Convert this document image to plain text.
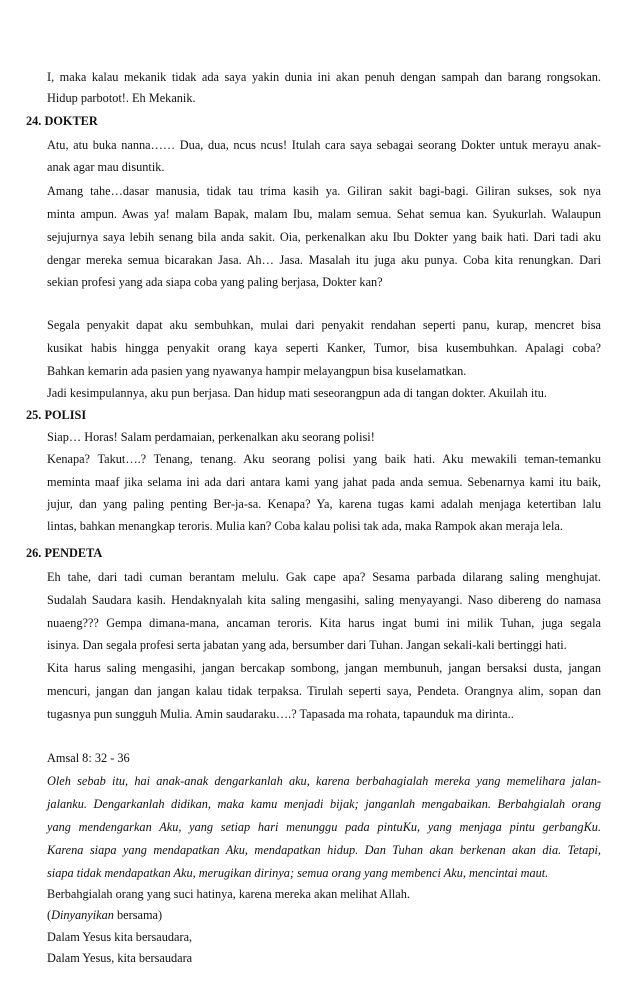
I, maka kalau mekanik tidak ada saya yakin dunia ini akan penuh dengan sampah dan barang rongsokan.
Hidup parbotot!. Eh Mekanik.
24. DOKTER
Atu, atu buka nanna…… Dua, dua, ncus ncus! Itulah cara saya sebagai seorang Dokter untuk merayu anak-
anak agar mau disuntik.
Amang tahe…dasar manusia, tidak tau trima kasih ya. Giliran sakit bagi-bagi. Giliran sukses, sok nya
minta ampun. Awas ya! malam Bapak, malam Ibu, malam semua. Sehat semua kan. Syukurlah. Walaupun
sejujurnya saya lebih senang bila anda sakit. Oia, perkenalkan aku Ibu Dokter yang baik hati. Dari tadi aku
dengar mereka semua bicarakan Jasa. Ah… Jasa. Masalah itu juga aku punya. Coba kita renungkan. Dari
sekian profesi yang ada siapa coba yang paling berjasa, Dokter kan?
Segala penyakit dapat aku sembuhkan, mulai dari penyakit rendahan seperti panu, kurap, mencret bisa
kusikat habis hingga penyakit orang kaya seperti Kanker, Tumor, bisa kusembuhkan. Apalagi coba?
Bahkan kemarin ada pasien yang nyawanya hampir melayangpun bisa kuselamatkan.
Jadi kesimpulannya, aku pun berjasa. Dan hidup mati seseorangpun ada di tangan dokter. Akuilah itu.
25. POLISI
Siap… Horas! Salam perdamaian, perkenalkan aku seorang polisi!
Kenapa? Takut….? Tenang, tenang. Aku seorang polisi yang baik hati. Aku mewakili teman-temanku
meminta maaf jika selama ini ada dari antara kami yang jahat pada anda semua. Sebenarnya kami itu baik,
jujur, dan yang paling penting Ber-ja-sa. Kenapa? Ya, karena tugas kami adalah menjaga ketertiban lalu
lintas, bahkan menangkap teroris. Mulia kan? Coba kalau polisi tak ada, maka Rampok akan meraja lela.
26. PENDETA
Eh tahe, dari tadi cuman berantam melulu. Gak cape apa? Sesama parbada dilarang saling menghujat.
Sudalah Saudara kasih. Hendaknyalah kita saling mengasihi, saling menyayangi. Naso dibereng do namasa
nuaeng??? Gempa dimana-mana, ancaman teroris. Kita harus ingat bumi ini milik Tuhan, juga segala
isinya. Dan segala profesi serta jabatan yang ada, bersumber dari Tuhan. Jangan sekali-kali bertinggi hati.
Kita harus saling mengasihi, jangan bercakap sombong, jangan membunuh, jangan bersaksi dusta, jangan
mencuri, jangan dan jangan kalau tidak terpaksa. Tirulah seperti saya, Pendeta. Orangnya alim, sopan dan
tugasnya pun sungguh Mulia. Amin saudaraku….? Tapasada ma rohata, tapaunduk ma dirinta..
Amsal 8: 32 - 36
Oleh sebab itu, hai anak-anak dengarkanlah aku, karena berbahagialah mereka yang memelihara jalan-
jalanku. Dengarkanlah didikan, maka kamu menjadi bijak; janganlah mengabaikan. Berbahgialah orang
yang mendengarkan Aku, yang setiap hari menunggu pada pintuKu, yang menjaga pintu gerbangKu.
Karena siapa yang mendapatkan Aku, mendapatkan hidup. Dan Tuhan akan berkenan akan dia. Tetapi,
siapa tidak mendapatkan Aku, merugikan dirinya; semua orang yang membenci Aku, mencintai maut.
Berbahgialah orang yang suci hatinya, karena mereka akan melihat Allah.
(Dinyanyikan bersama)
Dalam Yesus kita bersaudara,
Dalam Yesus, kita bersaudara
